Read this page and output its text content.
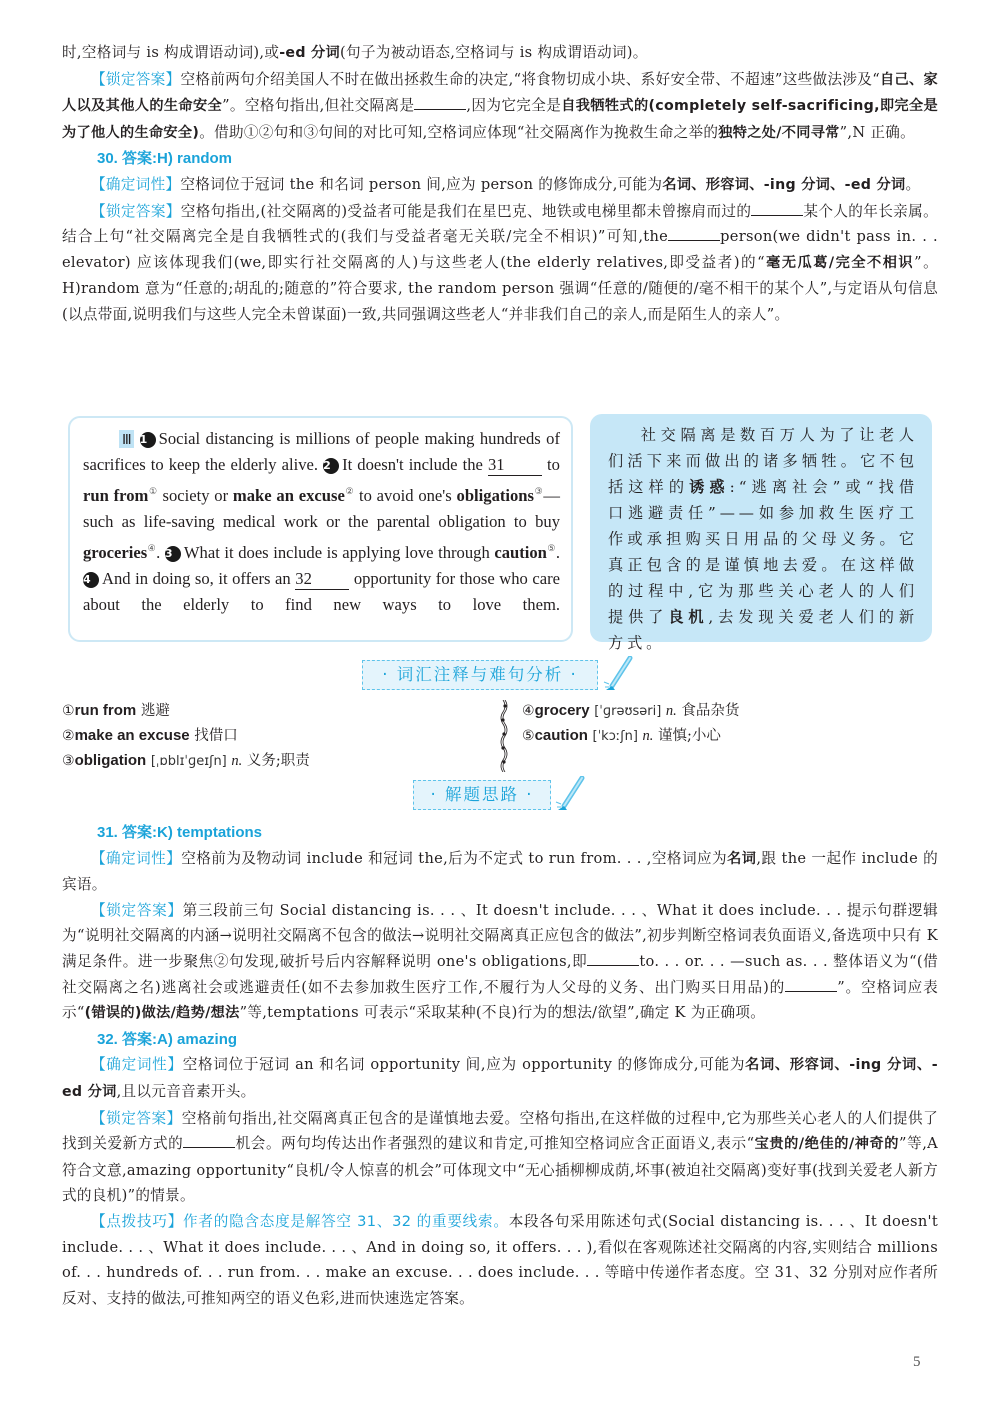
时,空格词与 is 构成谓语动词),或-ed 分词(句子为被动语态,空格词与 is 构成谓语动词)。

【锁定答案】空格前两句介绍美国人不时在做出拯救生命的决定,“将食物切成小块、系好安全带、不超速”这些做法涉及“自己、家人以及其他人的生命安全”。空格句指出,但社交隔离是	,因为它完全是自我牺牲式的(completely self-sacrificing,即完全是为了他人的生命安全)。借助①②句和③句间的对比可知,空格词应体现“社交隔离作为挽救生命之举的独特之处/不同寻常”,N 正确。

30. 答案:H) random

【确定词性】空格词位于冠词 the 和名词 person 间,应为 person 的修饰成分,可能为名词、形容词、-ing 分词、-ed 分词。

【锁定答案】空格句指出,(社交隔离的)受益者可能是我们在星巴克、地铁或电梯里都未曾擦肩而过的	某个人的年长亲属。结合上句“社交隔离完全是自我牺牲式的(我们与受益者毫无关联/完全不相识)”可知,the	person(we didn't pass in. . . elevator) 应该体现我们(we,即实行社交隔离的人)与这些老人(the elderly relatives,即受益者)的“毫无瓜葛/完全不相识”。H)random 意为“任意的;胡乱的;随意的”符合要求, the random person 强调“任意的/随便的/毫不相干的某个人”,与定语从句信息(以点带面,说明我们与这些人完全未曾谋面)一致,共同强调这些老人“并非我们自己的亲人,而是陌生人的亲人”。

Ⅲ 1 Social distancing is millions of people making hundreds of sacrifices to keep the elderly alive. 2 It doesn't include the 31	to run from① society or make an excuse② to avoid one's obligations③—such as life-saving medical work or the parental obligation to buy groceries④. 3 What it does include is applying love through caution⑤. 4 And in doing so, it offers an 32	opportunity for those who care about the elderly to find new ways to love them.
社交隔离是数百万人为了让老人们活下来而做出的诸多牺牲。它不包括这样的诱惑:“逃离社会”或“找借口逃避责任”——如参加救生医疗工作或承担购买日用品的父母义务。它真正包含的是谨慎地去爱。在这样做的过程中,它为那些关心老人的人们提供了良机,去发现关爱老人们的新方式。
· 词汇注释与难句分析 ·
①run from 逃避
②make an excuse 找借口
③obligation [ˌɒblɪˈɡeɪʃn] n. 义务;职责
④grocery [ˈɡrəʊsəri] n. 食品杂货
⑤caution [ˈkɔːʃn] n. 谨慎;小心
· 解题思路 ·
31. 答案:K) temptations

【确定词性】空格前为及物动词 include 和冠词 the,后为不定式 to run from. . . ,空格词应为名词,跟 the 一起作 include 的宾语。

【锁定答案】第三段前三句 Social distancing is. . . 、It doesn't include. . . 、What it does include. . . 提示句群逻辑为“说明社交隔离的内涵→说明社交隔离不包含的做法→说明社交隔离真正应包含的做法”,初步判断空格词表负面语义,备选项中只有 K 满足条件。进一步聚焦②句发现,破折号后内容解释说明 one's obligations,即	to. . . or. . . —such as. . . 整体语义为“(借社交隔离之名)逃离社会或逃避责任(如不去参加救生医疗工作,不履行为人父母的义务、出门购买日用品)的	”。空格词应表示“(错误的)做法/趋势/想法”等,temptations 可表示“采取某种(不良)行为的想法/欲望”,确定 K 为正确项。

32. 答案:A) amazing

【确定词性】空格词位于冠词 an 和名词 opportunity 间,应为 opportunity 的修饰成分,可能为名词、形容词、-ing 分词、-ed 分词,且以元音音素开头。

【锁定答案】空格前句指出,社交隔离真正包含的是谨慎地去爱。空格句指出,在这样做的过程中,它为那些关心老人的人们提供了找到关爱新方式的	机会。两句均传达出作者强烈的建议和肯定,可推知空格词应含正面语义,表示“宝贵的/绝佳的/神奇的”等,A 符合文意,amazing opportunity“良机/令人惊喜的机会”可体现文中“无心插柳柳成荫,坏事(被迫社交隔离)变好事(找到关爱老人新方式的良机)”的情景。

【点拨技巧】作者的隐含态度是解答空 31、32 的重要线索。本段各句采用陈述句式(Social distancing is. . . 、It doesn't include. . . 、What it does include. . . 、And in doing so, it offers. . . ),看似在客观陈述社交隔离的内容,实则结合 millions of. . . hundreds of. . . run from. . . make an excuse. . . does include. . . 等暗中传递作者态度。空 31、32 分别对应作者所反对、支持的做法,可推知两空的语义色彩,进而快速选定答案。

5
